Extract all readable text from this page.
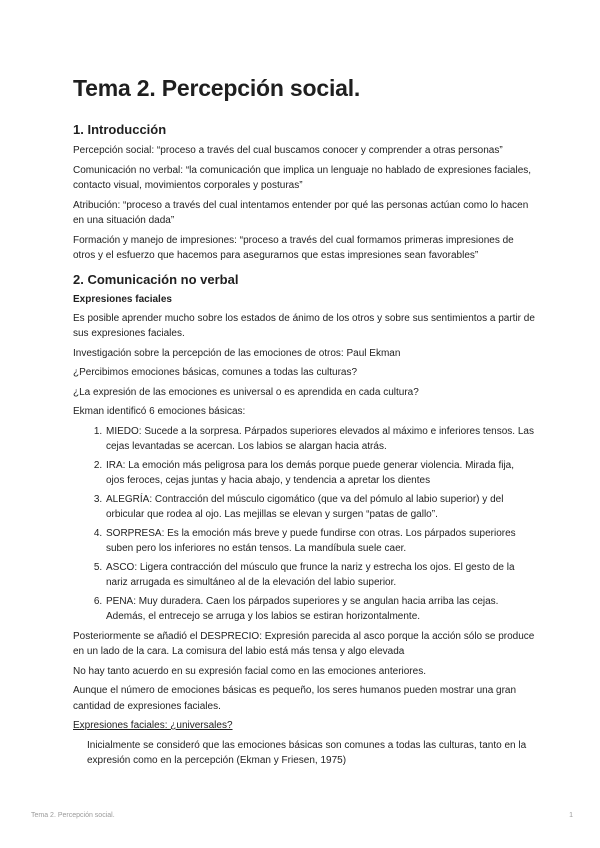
Tema 2. Percepción social.
1. Introducción

Percepción social: “proceso a través del cual buscamos conocer y comprender a otras personas”

Comunicación no verbal: “la comunicación que implica un lenguaje no hablado de expresiones faciales, contacto visual, movimientos corporales y posturas”

Atribución: “proceso a través del cual intentamos entender por qué las personas actúan como lo hacen en una situación dada”

Formación y manejo de impresiones: “proceso a través del cual formamos primeras impresiones de otros y el esfuerzo que hacemos para asegurarnos que estas impresiones sean favorables”

2. Comunicación no verbal
Expresiones faciales

Es posible aprender mucho sobre los estados de ánimo de los otros y sobre sus sentimientos a partir de sus expresiones faciales.

Investigación sobre la percepción de las emociones de otros: Paul Ekman

¿Percibimos emociones básicas, comunes a todas las culturas?

¿La expresión de las emociones es universal o es aprendida en cada cultura?

Ekman identificó 6 emociones básicas:

1. MIEDO: Sucede a la sorpresa. Párpados superiores elevados al máximo e inferiores tensos. Las cejas levantadas se acercan. Los labios se alargan hacia atrás.
2. IRA: La emoción más peligrosa para los demás porque puede generar violencia. Mirada fija, ojos feroces, cejas juntas y hacia abajo, y tendencia a apretar los dientes
3. ALEGRÍA: Contracción del músculo cigomático (que va del pómulo al labio superior) y del orbicular que rodea al ojo. Las mejillas se elevan y surgen “patas de gallo”.
4. SORPRESA: Es la emoción más breve y puede fundirse con otras. Los párpados superiores suben pero los inferiores no están tensos. La mandíbula suele caer.
5. ASCO: Ligera contracción del músculo que frunce la nariz y estrecha los ojos. El gesto de la nariz arrugada es simultáneo al de la elevación del labio superior.
6. PENA: Muy duradera. Caen los párpados superiores y se angulan hacia arriba las cejas. Además, el entrecejo se arruga y los labios se estiran horizontalmente.

Posteriormente se añadió el DESPRECIO: Expresión parecida al asco porque la acción sólo se produce en un lado de la cara. La comisura del labio está más tensa y algo elevada

No hay tanto acuerdo en su expresión facial como en las emociones anteriores.

Aunque el número de emociones básicas es pequeño, los seres humanos pueden mostrar una gran cantidad de expresiones faciales.

Expresiones faciales: ¿universales?

Inicialmente se consideró que las emociones básicas son comunes a todas las culturas, tanto en la expresión como en la percepción (Ekman y Friesen, 1975)

Tema 2. Percepción social.	1
